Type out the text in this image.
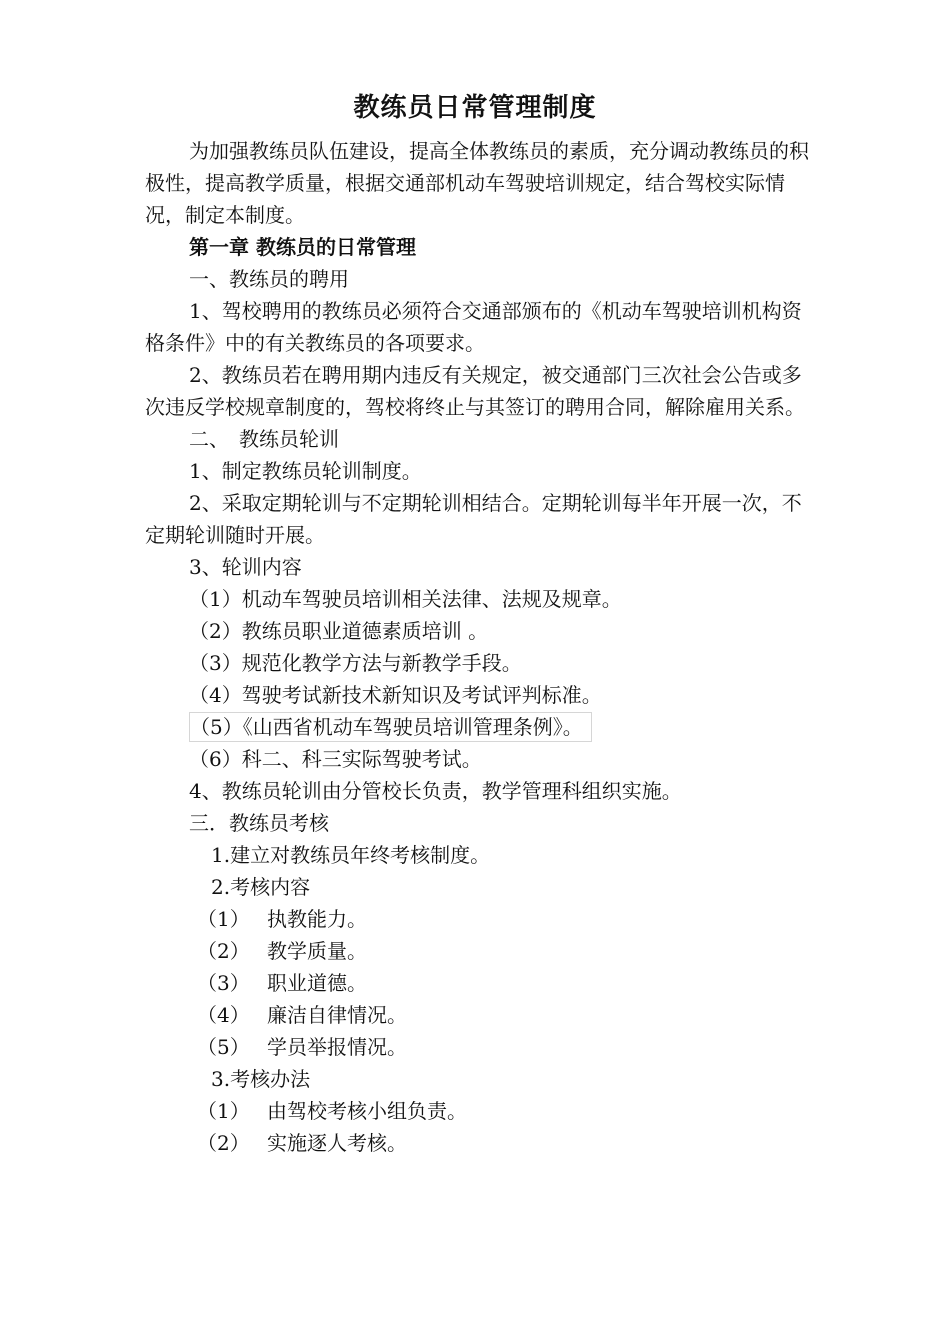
教练员日常管理制度

为加强教练员队伍建设，提高全体教练员的素质，充分调动教练员的积极性，提高教学质量，根据交通部机动车驾驶培训规定，结合驾校实际情况，制定本制度。

第一章 教练员的日常管理

一、教练员的聘用

1、驾校聘用的教练员必须符合交通部颁布的《机动车驾驶培训机构资格条件》中的有关教练员的各项要求。

2、教练员若在聘用期内违反有关规定，被交通部门三次社会公告或多次违反学校规章制度的，驾校将终止与其签订的聘用合同，解除雇用关系。

二、　教练员轮训

1、制定教练员轮训制度。

2、采取定期轮训与不定期轮训相结合。定期轮训每半年开展一次，不定期轮训随时开展。

3、轮训内容

（1）机动车驾驶员培训相关法律、法规及规章。

（2）教练员职业道德素质培训 。

（3）规范化教学方法与新教学手段。

（4）驾驶考试新技术新知识及考试评判标准。

（5）《山西省机动车驾驶员培训管理条例》。

（6）科二、科三实际驾驶考试。

4、教练员轮训由分管校长负责，教学管理科组织实施。

三．教练员考核

1.建立对教练员年终考核制度。

2.考核内容

（1） 执教能力。

（2） 教学质量。

（3） 职业道德。

（4） 廉洁自律情况。

（5） 学员举报情况。

3.考核办法

（1） 由驾校考核小组负责。

（2） 实施逐人考核。
